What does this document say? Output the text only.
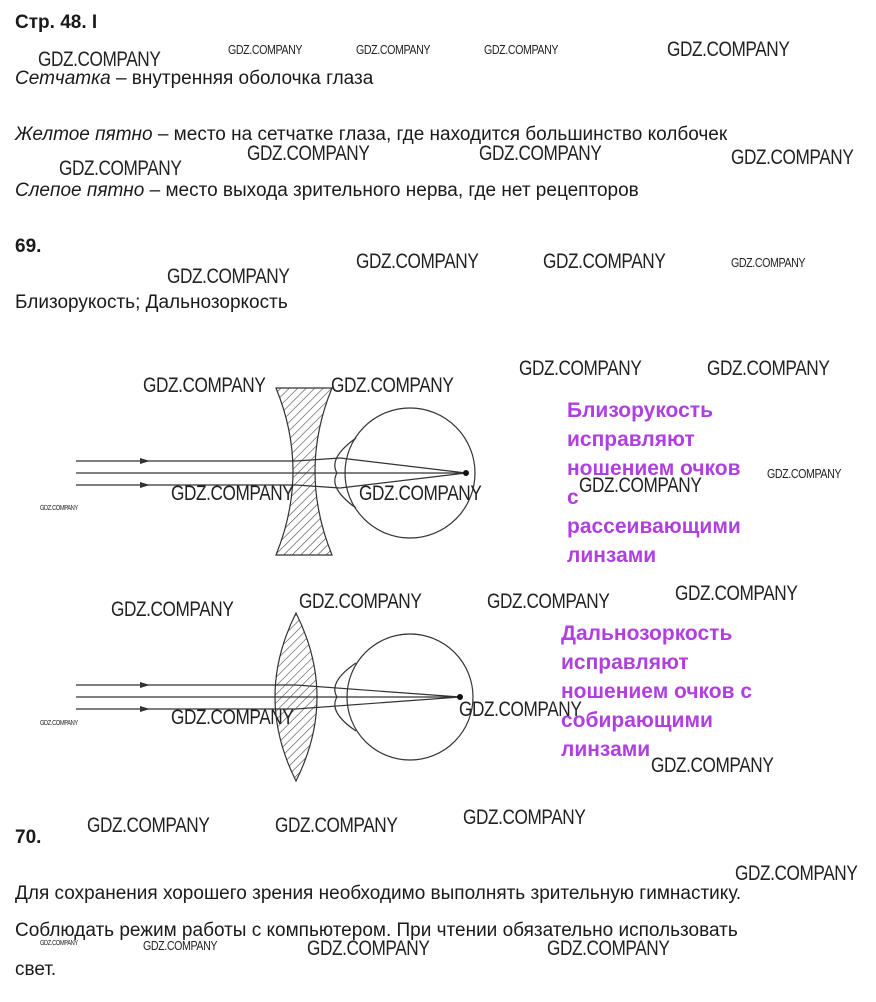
Стр. 48. I
Сетчатка – внутренняя оболочка глаза
Желтое пятно – место на сетчатке глаза, где находится большинство колбочек
Слепое пятно – место выхода зрительного нерва, где нет рецепторов
69.
Близорукость; Дальнозоркость
Близорукость
исправляют
ношением очков
с
рассеивающими
линзами
Дальнозоркость
исправляют
ношением очков с
собирающими
линзами
70.
Для сохранения хорошего зрения необходимо выполнять зрительную гимнастику.
Соблюдать режим работы с компьютером. При чтении обязательно использовать
свет.
GDZ.COMPANY	GDZ.COMPANY	GDZ.COMPANY	GDZ.COMPANY	GDZ.COMPANY
GDZ.COMPANY	GDZ.COMPANY	GDZ.COMPANY
GDZ.COMPANY
GDZ.COMPANY	GDZ.COMPANY	GDZ.COMPANY
GDZ.COMPANY
GDZ.COMPANY	GDZ.COMPANY
GDZ.COMPANY	GDZ.COMPANY
GDZ.COMPANY
GDZ.COMPANY
GDZ.COMPANY	GDZ.COMPANY
GDZ.COMPANY
GDZ.COMPANY
GDZ.COMPANY	GDZ.COMPANY
GDZ.COMPANY
GDZ.COMPANY
GDZ.COMPANY
GDZ.COMPANY
GDZ.COMPANY
GDZ.COMPANY
GDZ.COMPANY	GDZ.COMPANY
GDZ.COMPANY
GDZ.COMPANY	GDZ.COMPANY	GDZ.COMPANY	GDZ.COMPANY
